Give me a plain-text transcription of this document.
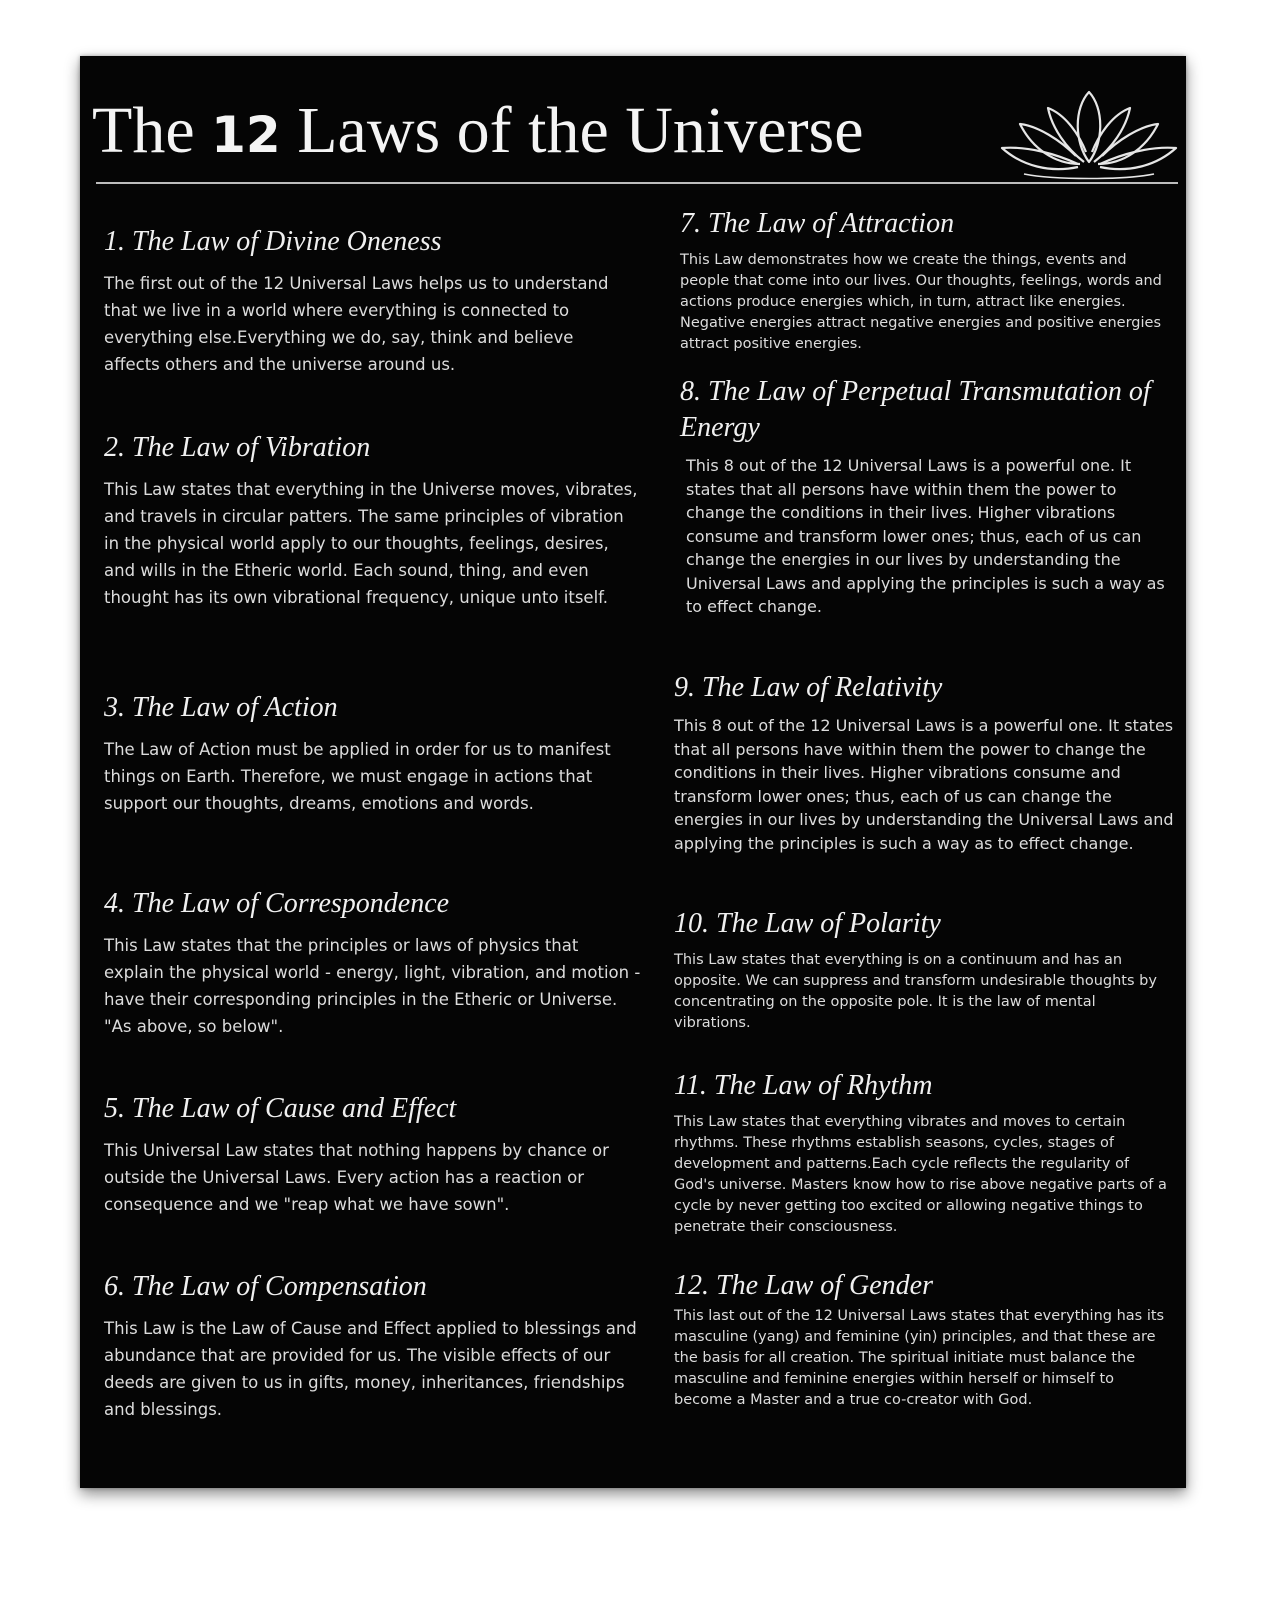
The 12 Laws of the Universe
1. The Law of Divine Oneness

The first out of the 12 Universal Laws helps us to understand that we live in a world where everything is connected to everything else.Everything we do, say, think and believe affects others and the universe around us.

2. The Law of Vibration

This Law states that everything in the Universe moves, vibrates, and travels in circular patters. The same principles of vibration in the physical world apply to our thoughts, feelings, desires, and wills in the Etheric world. Each sound, thing, and even thought has its own vibrational frequency, unique unto itself.

3. The Law of Action

The Law of Action must be applied in order for us to manifest things on Earth. Therefore, we must engage in actions that support our thoughts, dreams, emotions and words.

4. The Law of Correspondence

This Law states that the principles or laws of physics that explain the physical world - energy, light, vibration, and motion - have their corresponding principles in the Etheric or Universe. "As above, so below".

5. The Law of Cause and Effect

This Universal Law states that nothing happens by chance or outside the Universal Laws. Every action has a reaction or consequence and we "reap what we have sown".

6. The Law of Compensation

This Law is the Law of Cause and Effect applied to blessings and abundance that are provided for us. The visible effects of our deeds are given to us in gifts, money, inheritances, friendships and blessings.

7. The Law of Attraction

This Law demonstrates how we create the things, events and people that come into our lives. Our thoughts, feelings, words and actions produce energies which, in turn, attract like energies. Negative energies attract negative energies and positive energies attract positive energies.

8. The Law of Perpetual Transmutation of Energy

This 8 out of the 12 Universal Laws is a powerful one. It states that all persons have within them the power to change the conditions in their lives. Higher vibrations consume and transform lower ones; thus, each of us can change the energies in our lives by understanding the Universal Laws and applying the principles is such a way as to effect change.

9. The Law of Relativity

This 8 out of the 12 Universal Laws is a powerful one. It states that all persons have within them the power to change the conditions in their lives. Higher vibrations consume and transform lower ones; thus, each of us can change the energies in our lives by understanding the Universal Laws and applying the principles is such a way as to effect change.

10. The Law of Polarity

This Law states that everything is on a continuum and has an opposite. We can suppress and transform undesirable thoughts by concentrating on the opposite pole. It is the law of mental vibrations.

11. The Law of Rhythm

This Law states that everything vibrates and moves to certain rhythms. These rhythms establish seasons, cycles, stages of development and patterns.Each cycle reflects the regularity of God's universe. Masters know how to rise above negative parts of a cycle by never getting too excited or allowing negative things to penetrate their consciousness.

12. The Law of Gender

This last out of the 12 Universal Laws states that everything has its masculine (yang) and feminine (yin) principles, and that these are the basis for all creation. The spiritual initiate must balance the masculine and feminine energies within herself or himself to become a Master and a true co-creator with God.
